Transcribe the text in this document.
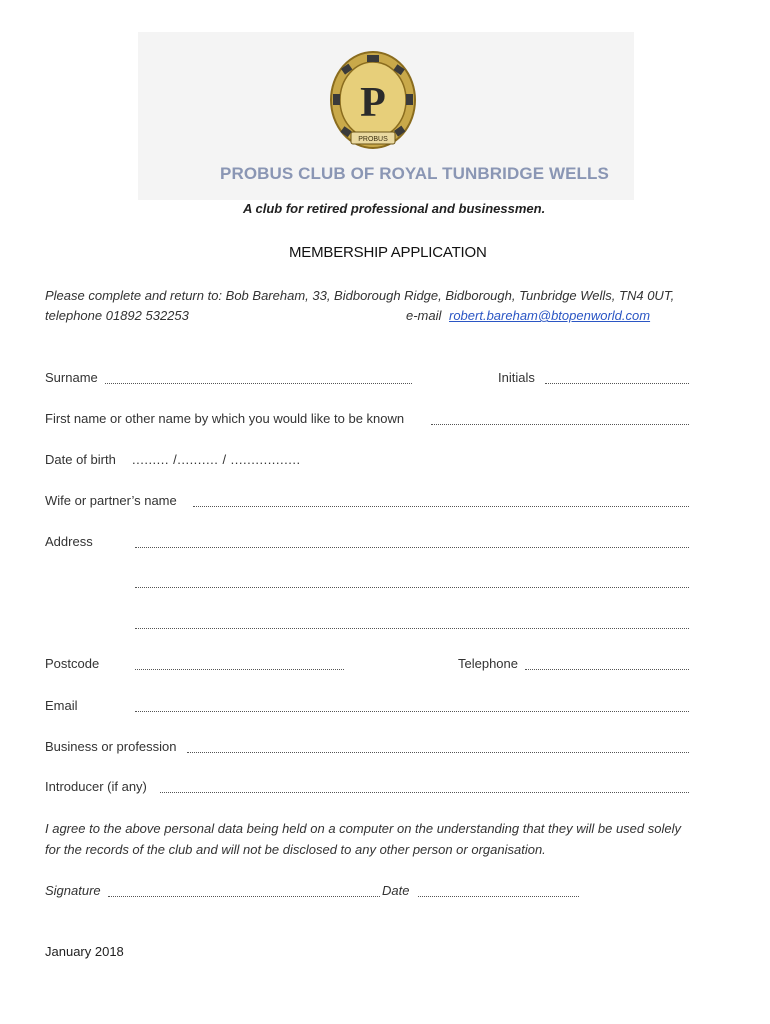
PROBUS
P
PROBUS CLUB OF ROYAL TUNBRIDGE WELLS
A club for retired professional and businessmen.
MEMBERSHIP APPLICATION
Please complete and return to: Bob Bareham, 33, Bidborough Ridge, Bidborough, Tunbridge Wells, TN4 0UT,
telephone 01892 532253	e-mail robert.bareham@btopenworld.com
Surname	Initials
First name or other name by which you would like to be known
Date of birth ......... /.......... / .................
Wife or partner’s name
Address
Postcode	Telephone
Email
Business or profession
Introducer (if any)
I agree to the above personal data being held on a computer on the understanding that they will be used solely
for the records of the club and will not be disclosed to any other person or organisation.
Signature	Date
January 2018
